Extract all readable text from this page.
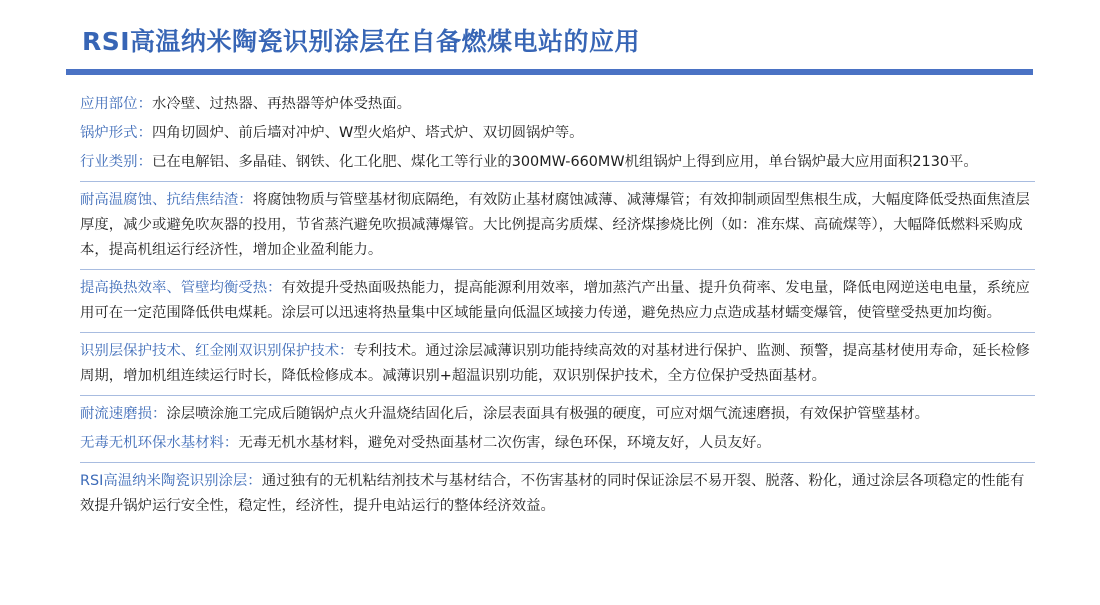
RSI高温纳米陶瓷识别涂层在自备燃煤电站的应用

应用部位：水冷壁、过热器、再热器等炉体受热面。

锅炉形式：四角切圆炉、前后墙对冲炉、W型火焰炉、塔式炉、双切圆锅炉等。

行业类别：已在电解铝、多晶硅、钢铁、化工化肥、煤化工等行业的300MW-660MW机组锅炉上得到应用，单台锅炉最大应用面积2130平。

耐高温腐蚀、抗结焦结渣：将腐蚀物质与管壁基材彻底隔绝，有效防止基材腐蚀减薄、减薄爆管；有效抑制顽固型焦根生成，大幅度降低受热面焦渣层厚度，减少或避免吹灰器的投用，节省蒸汽避免吹损减薄爆管。大比例提高劣质煤、经济煤掺烧比例（如：准东煤、高硫煤等），大幅降低燃料采购成本，提高机组运行经济性，增加企业盈利能力。

提高换热效率、管壁均衡受热：有效提升受热面吸热能力，提高能源利用效率，增加蒸汽产出量、提升负荷率、发电量，降低电网逆送电电量，系统应用可在一定范围降低供电煤耗。涂层可以迅速将热量集中区域能量向低温区域接力传递，避免热应力点造成基材蠕变爆管，使管壁受热更加均衡。

识别层保护技术、红金刚双识别保护技术：专利技术。通过涂层减薄识别功能持续高效的对基材进行保护、监测、预警，提高基材使用寿命，延长检修周期，增加机组连续运行时长，降低检修成本。减薄识别+超温识别功能，双识别保护技术，全方位保护受热面基材。

耐流速磨损：涂层喷涂施工完成后随锅炉点火升温烧结固化后，涂层表面具有极强的硬度，可应对烟气流速磨损，有效保护管壁基材。

无毒无机环保水基材料：无毒无机水基材料，避免对受热面基材二次伤害，绿色环保，环境友好，人员友好。

RSI高温纳米陶瓷识别涂层：通过独有的无机粘结剂技术与基材结合，不伤害基材的同时保证涂层不易开裂、脱落、粉化，通过涂层各项稳定的性能有效提升锅炉运行安全性，稳定性，经济性，提升电站运行的整体经济效益。
